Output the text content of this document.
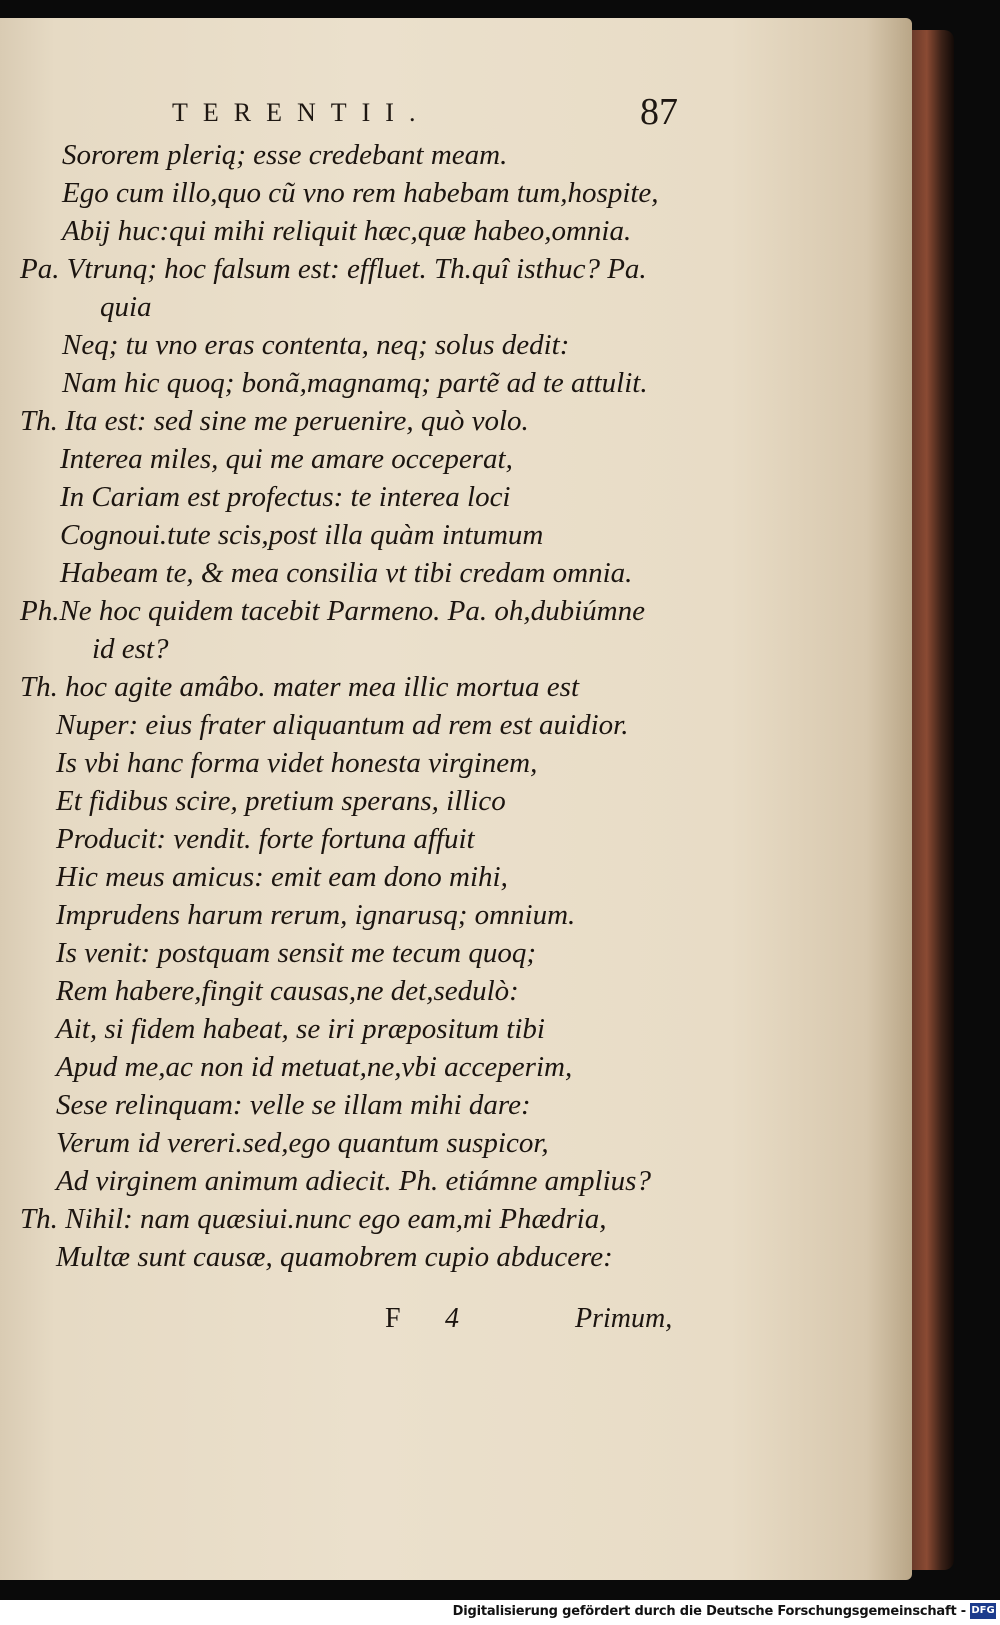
TERENTII.	87
Sororem plerią; esse credebant meam.
Ego cum illo,quo cũ vno rem habebam tum,hospite,
Abij huc:qui mihi reliquit hæc,quæ habeo,omnia.
Pa. Vtrunq; hoc falsum est: effluet. Th.quî isthuc? Pa.
quia
Neq; tu vno eras contenta, neq; solus dedit:
Nam hic quoq; bonã,magnamq; partẽ ad te attulit.
Th. Ita est: sed sine me peruenire, quò volo.
Interea miles, qui me amare occeperat,
In Cariam est profectus: te interea loci
Cognoui.tute scis,post illa quàm intumum
Habeam te, & mea consilia vt tibi credam omnia.
Ph.Ne hoc quidem tacebit Parmeno. Pa. oh,dubiúmne
id est?
Th. hoc agite amâbo. mater mea illic mortua est
Nuper: eius frater aliquantum ad rem est auidior.
Is vbi hanc forma videt honesta virginem,
Et fidibus scire, pretium sperans, illico
Producit: vendit. forte fortuna affuit
Hic meus amicus: emit eam dono mihi,
Imprudens harum rerum, ignarusq; omnium.
Is venit: postquam sensit me tecum quoq;
Rem habere,fingit causas,ne det,sedulò:
Ait, si fidem habeat, se iri præpositum tibi
Apud me,ac non id metuat,ne,vbi acceperim,
Sese relinquam: velle se illam mihi dare:
Verum id vereri.sed,ego quantum suspicor,
Ad virginem animum adiecit. Ph. etiámne amplius?
Th. Nihil: nam quæsiui.nunc ego eam,mi Phædria,
Multæ sunt causæ, quamobrem cupio abducere:
F 4	Primum,
Digitalisierung gefördert durch die Deutsche Forschungsgemeinschaft - DFG
